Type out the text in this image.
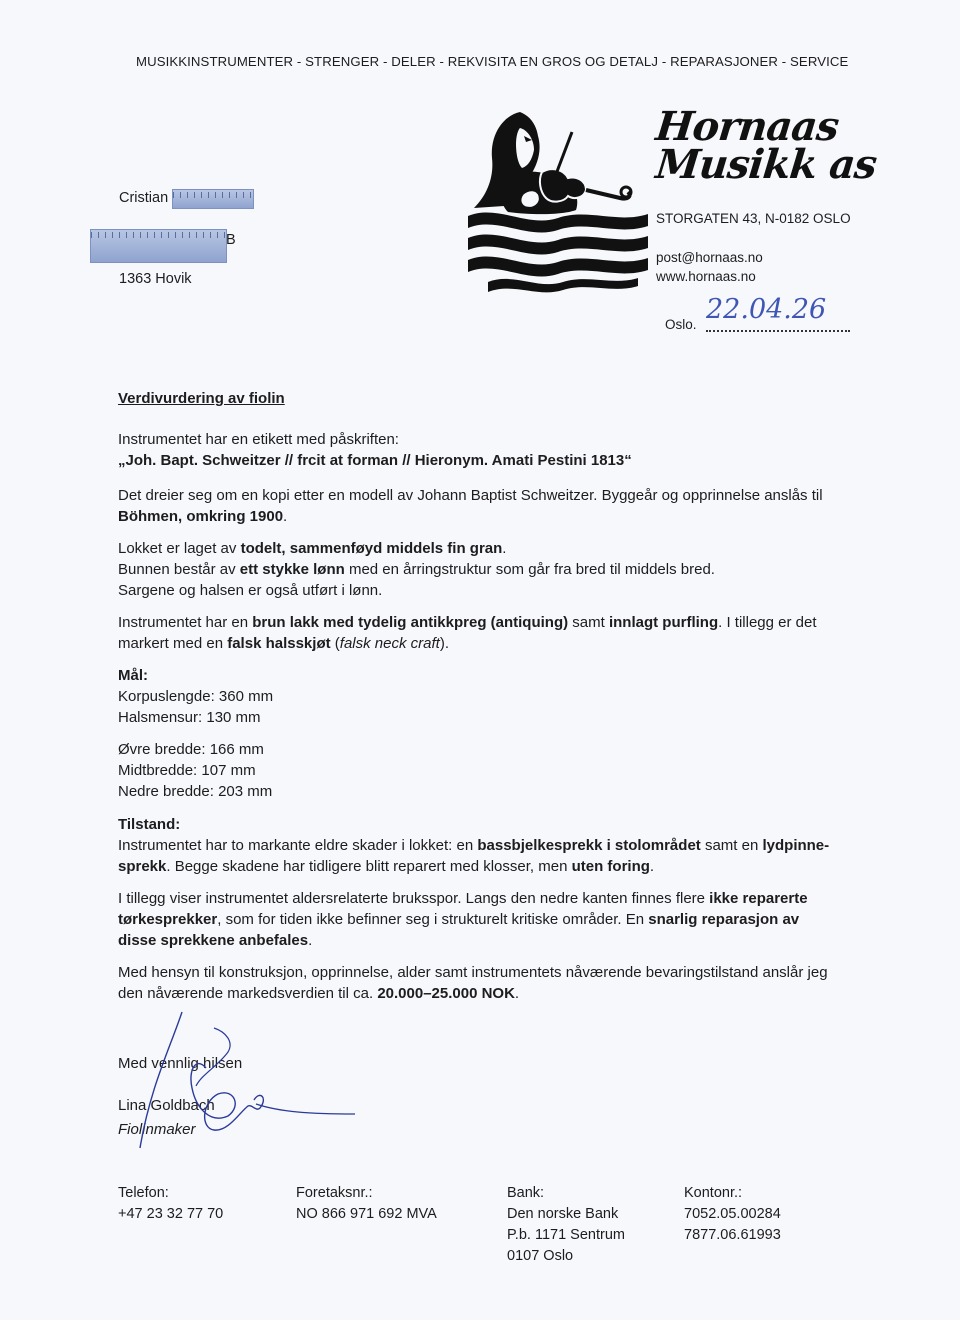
MUSIKKINSTRUMENTER - STRENGER - DELER - REKVISITA EN GROS OG DETALJ - REPARASJONER - SERVICE
Hornaas
Musikk as
STORGATEN 43, N-0182 OSLO
post@hornaas.no
www.hornaas.no
Oslo. 22.04.26
Cristian
B
1363 Hovik
Verdivurdering av fiolin

Instrumentet har en etikett med påskriften:

„Joh. Bapt. Schweitzer // frcit at forman // Hieronym. Amati Pestini 1813“

Det dreier seg om en kopi etter en modell av Johann Baptist Schweitzer. Byggeår og opprinnelse anslås til Böhmen, omkring 1900.

Lokket er laget av todelt, sammenføyd middels fin gran.

Bunnen består av ett stykke lønn med en årringstruktur som går fra bred til middels bred.

Sargene og halsen er også utført i lønn.

Instrumentet har en brun lakk med tydelig antikkpreg (antiquing) samt innlagt purfling. I tillegg er det markert med en falsk halsskjøt (falsk neck craft).

Mål:

Korpuslengde: 360 mm

Halsmensur: 130 mm

Øvre bredde: 166 mm

Midtbredde: 107 mm

Nedre bredde: 203 mm

Tilstand:

Instrumentet har to markante eldre skader i lokket: en bassbjelkesprekk i stolområdet samt en lydpinne-sprekk. Begge skadene har tidligere blitt reparert med klosser, men uten foring.

I tillegg viser instrumentet aldersrelaterte bruksspor. Langs den nedre kanten finnes flere ikke reparerte tørkesprekker, som for tiden ikke befinner seg i strukturelt kritiske områder. En snarlig reparasjon av disse sprekkene anbefales.

Med hensyn til konstruksjon, opprinnelse, alder samt instrumentets nåværende bevaringstilstand anslår jeg den nåværende markedsverdien til ca. 20.000–25.000 NOK.

Med vennlig hilsen
Lina Goldbach
Fiolinmaker
Telefon:
+47 23 32 77 70
Foretaksnr.:
NO 866 971 692 MVA
Bank:
Den norske Bank
P.b. 1171 Sentrum
0107 Oslo
Kontonr.:
7052.05.00284
7877.06.61993
